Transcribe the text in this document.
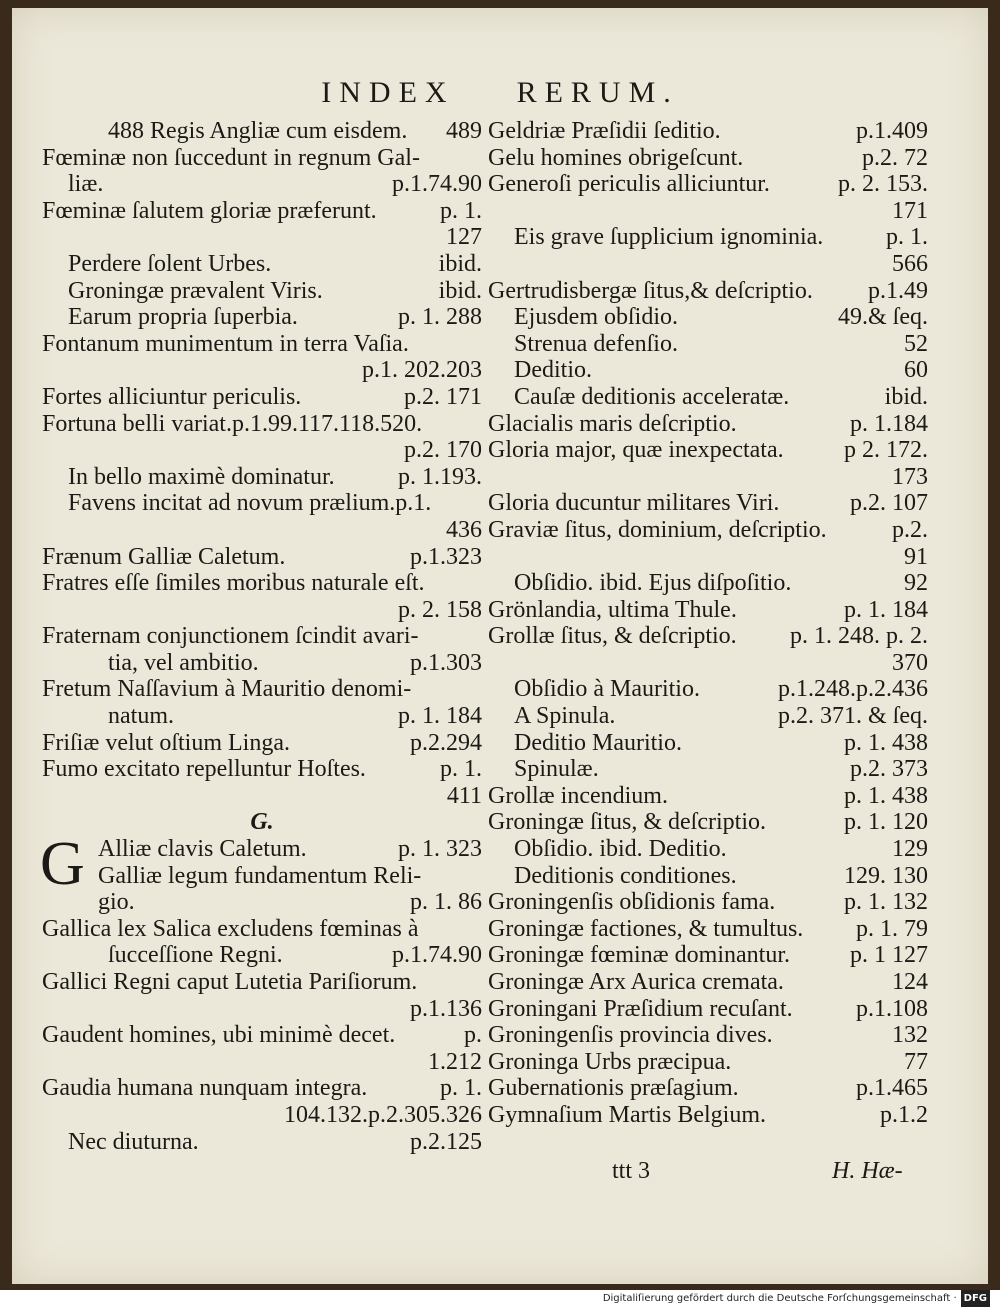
INDEX RERUM.
488 Regis Angliæ cum eisdem. 489
Fœminæ non ſuccedunt in regnum Gal-
liæ.	p.1.74.90
Fœminæ ſalutem gloriæ præferunt.	p. 1.
127
Perdere ſolent Urbes.	ibid.
Groningæ prævalent Viris.	ibid.
Earum propria ſuperbia.	p. 1. 288
Fontanum munimentum in terra Vaſia.
p.1. 202.203
Fortes alliciuntur periculis.	p.2. 171
Fortuna belli variat.p.1.99.117.118.520.
p.2. 170
In bello maximè dominatur.	p. 1.193.
Favens incitat ad novum prælium.p.1.
436
Frænum Galliæ Caletum.	p.1.323
Fratres eſſe ſimiles moribus naturale eſt.
p. 2. 158
Fraternam conjunctionem ſcindit avari-
tia, vel ambitio.	p.1.303
Fretum Naſſavium à Mauritio denomi-
natum.	p. 1. 184
Friſiæ velut oſtium Linga.	p.2.294
Fumo excitato repelluntur Hoſtes.	p. 1.
411
G.
G Alliæ clavis Caletum.	p. 1. 323
Galliæ legum fundamentum Reli-
gio.	p. 1. 86
Gallica lex Salica excludens fœminas à
ſucceſſione Regni.	p.1.74.90
Gallici Regni caput Lutetia Pariſiorum.
p.1.136
Gaudent homines, ubi minimè decet.	p.
1.212
Gaudia humana nunquam integra.	p. 1.
104.132.p.2.305.326
Nec diuturna.	p.2.125
Geldriæ Præſidii ſeditio.	p.1.409
Gelu homines obrigeſcunt.	p.2. 72
Generoſi periculis alliciuntur.	p. 2. 153.
171
Eis grave ſupplicium ignominia.	p. 1.
566
Gertrudisbergæ ſitus,& deſcriptio. p.1.49
Ejusdem obſidio.	49.& ſeq.
Strenua defenſio.	52
Deditio.	60
Cauſæ deditionis acceleratæ.	ibid.
Glacialis maris deſcriptio.	p. 1.184
Gloria major, quæ inexpectata.	p 2. 172.
173
Gloria ducuntur militares Viri.	p.2. 107
Graviæ ſitus, dominium, deſcriptio.	p.2.
91
Obſidio. ibid. Ejus diſpoſitio.	92
Grönlandia, ultima Thule.	p. 1. 184
Grollæ ſitus, & deſcriptio. p. 1. 248. p. 2.
370
Obſidio à Mauritio.	p.1.248.p.2.436
A Spinula.	p.2. 371. & ſeq.
Deditio Mauritio.	p. 1. 438
Spinulæ.	p.2. 373
Grollæ incendium.	p. 1. 438
Groningæ ſitus, & deſcriptio.	p. 1. 120
Obſidio. ibid. Deditio.	129
Deditionis conditiones.	129. 130
Groningenſis obſidionis fama.	p. 1. 132
Groningæ factiones, & tumultus. p. 1. 79
Groningæ fœminæ dominantur.	p. 1 127
Groningæ Arx Aurica cremata.	124
Groningani Præſidium recuſant.	p.1.108
Groningenſis provincia dives.	132
Groninga Urbs præcipua.	77
Gubernationis præſagium.	p.1.465
Gymnaſium Martis Belgium.	p.1.2
ttt 3	H. Hæ-
Digitaliſierung gefördert durch die Deutsche Forſchungsgemeinschaft · DFG
